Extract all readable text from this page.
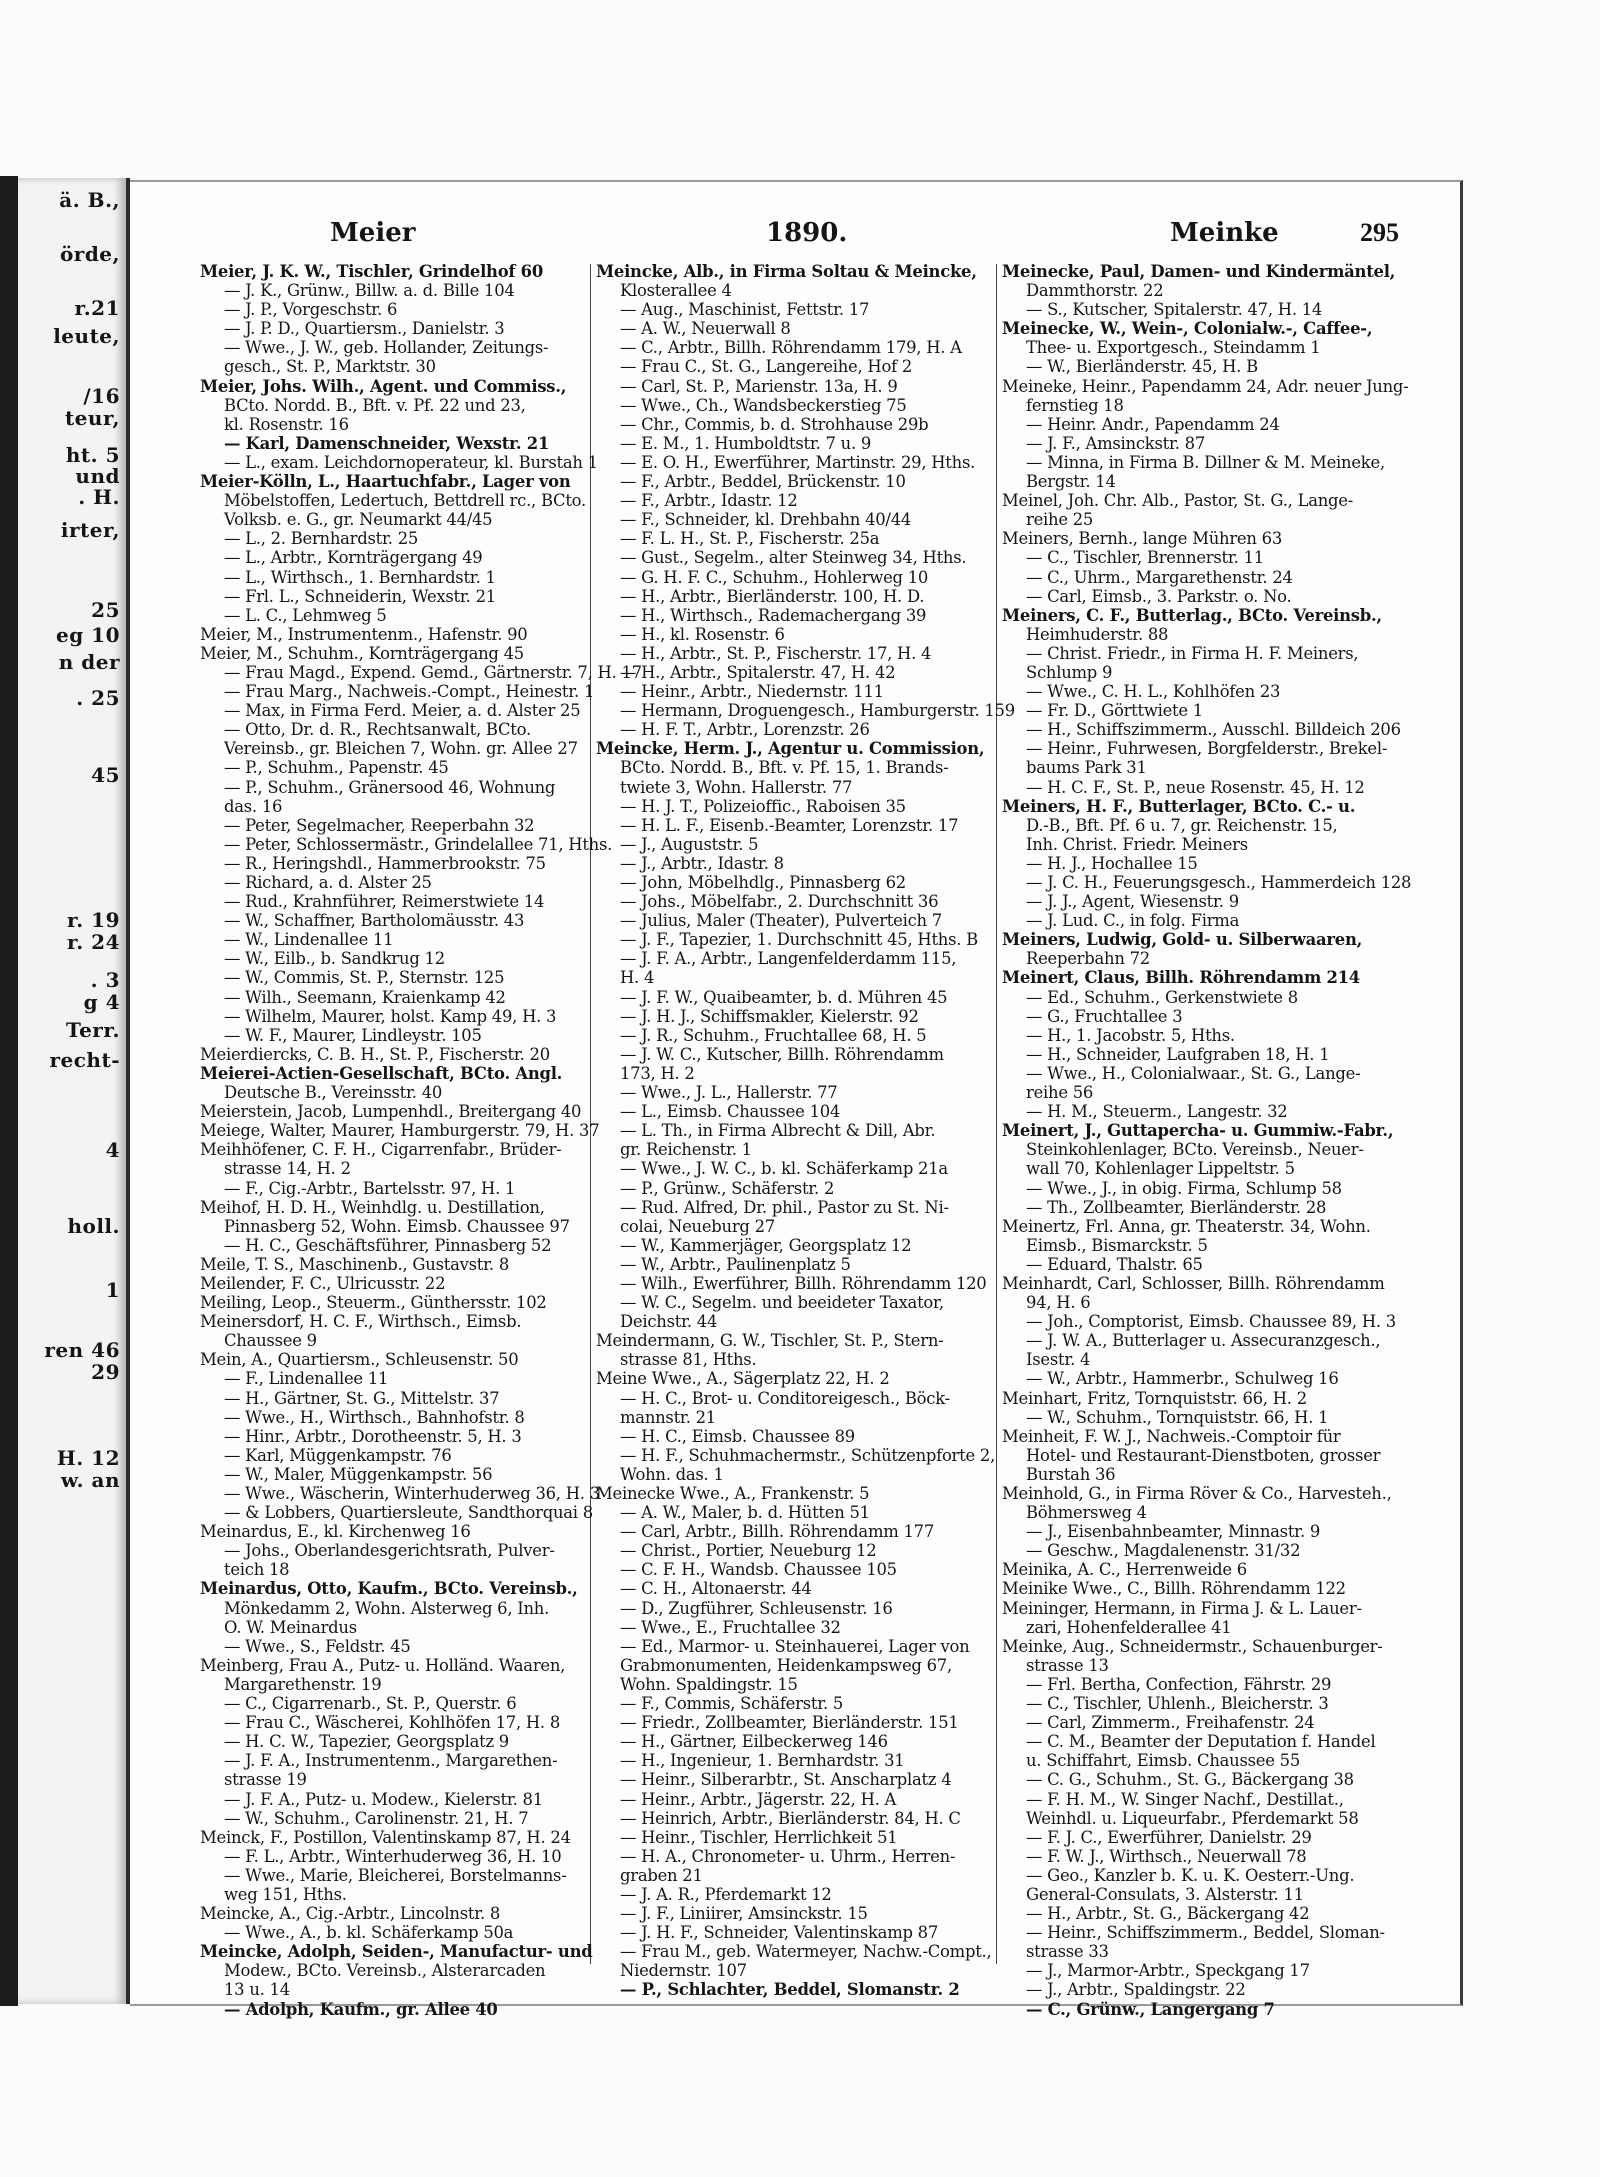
ä. B.,
örde,
r.21
leute,
/16
teur,
ht. 5
und
. H.
irter,
25
eg 10
n der
. 25
45
r. 19
r. 24
. 3
g 4
Terr.
recht-
4
holl.
1
ren 46
29
H. 12
w. an
Meier	1890.	Meinke	295
Meier, J. K. W., Tischler, Grindelhof 60
— J. K., Grünw., Billw. a. d. Bille 104
— J. P., Vorgeschstr. 6
— J. P. D., Quartiersm., Danielstr. 3
— Wwe., J. W., geb. Hollander, Zeitungs-
gesch., St. P., Marktstr. 30
Meier, Johs. Wilh., Agent. und Commiss.,
BCto. Nordd. B., Bft. v. Pf. 22 und 23,
kl. Rosenstr. 16
— Karl, Damenschneider, Wexstr. 21
— L., exam. Leichdornoperateur, kl. Burstah 1
Meier-Kölln, L., Haartuchfabr., Lager von
Möbelstoffen, Ledertuch, Bettdrell rc., BCto.
Volksb. e. G., gr. Neumarkt 44/45
— L., 2. Bernhardstr. 25
— L., Arbtr., Kornträgergang 49
— L., Wirthsch., 1. Bernhardstr. 1
— Frl. L., Schneiderin, Wexstr. 21
— L. C., Lehmweg 5
Meier, M., Instrumentenm., Hafenstr. 90
Meier, M., Schuhm., Kornträgergang 45
— Frau Magd., Expend. Gemd., Gärtnerstr. 7, H. 17
— Frau Marg., Nachweis.-Compt., Heinestr. 1
— Max, in Firma Ferd. Meier, a. d. Alster 25
— Otto, Dr. d. R., Rechtsanwalt, BCto.
Vereinsb., gr. Bleichen 7, Wohn. gr. Allee 27
— P., Schuhm., Papenstr. 45
— P., Schuhm., Gränersood 46, Wohnung
das. 16
— Peter, Segelmacher, Reeperbahn 32
— Peter, Schlossermästr., Grindelallee 71, Hths.
— R., Heringshdl., Hammerbrookstr. 75
— Richard, a. d. Alster 25
— Rud., Krahnführer, Reimerstwiete 14
— W., Schaffner, Bartholomäusstr. 43
— W., Lindenallee 11
— W., Eilb., b. Sandkrug 12
— W., Commis, St. P., Sternstr. 125
— Wilh., Seemann, Kraienkamp 42
— Wilhelm, Maurer, holst. Kamp 49, H. 3
— W. F., Maurer, Lindleystr. 105
Meierdiercks, C. B. H., St. P., Fischerstr. 20
Meierei-Actien-Gesellschaft, BCto. Angl.
Deutsche B., Vereinsstr. 40
Meierstein, Jacob, Lumpenhdl., Breitergang 40
Meiege, Walter, Maurer, Hamburgerstr. 79, H. 37
Meihhöfener, C. F. H., Cigarrenfabr., Brüder-
strasse 14, H. 2
— F., Cig.-Arbtr., Bartelsstr. 97, H. 1
Meihof, H. D. H., Weinhdlg. u. Destillation,
Pinnasberg 52, Wohn. Eimsb. Chaussee 97
— H. C., Geschäftsführer, Pinnasberg 52
Meile, T. S., Maschinenb., Gustavstr. 8
Meilender, F. C., Ulricusstr. 22
Meiling, Leop., Steuerm., Günthersstr. 102
Meinersdorf, H. C. F., Wirthsch., Eimsb.
Chaussee 9
Mein, A., Quartiersm., Schleusenstr. 50
— F., Lindenallee 11
— H., Gärtner, St. G., Mittelstr. 37
— Wwe., H., Wirthsch., Bahnhofstr. 8
— Hinr., Arbtr., Dorotheenstr. 5, H. 3
— Karl, Müggenkampstr. 76
— W., Maler, Müggenkampstr. 56
— Wwe., Wäscherin, Winterhuderweg 36, H. 3
— & Lobbers, Quartiersleute, Sandthorquai 8
Meinardus, E., kl. Kirchenweg 16
— Johs., Oberlandesgerichtsrath, Pulver-
teich 18
Meinardus, Otto, Kaufm., BCto. Vereinsb.,
Mönkedamm 2, Wohn. Alsterweg 6, Inh.
O. W. Meinardus
— Wwe., S., Feldstr. 45
Meinberg, Frau A., Putz- u. Holländ. Waaren,
Margarethenstr. 19
— C., Cigarrenarb., St. P., Querstr. 6
— Frau C., Wäscherei, Kohlhöfen 17, H. 8
— H. C. W., Tapezier, Georgsplatz 9
— J. F. A., Instrumentenm., Margarethen-
strasse 19
— J. F. A., Putz- u. Modew., Kielerstr. 81
— W., Schuhm., Carolinenstr. 21, H. 7
Meinck, F., Postillon, Valentinskamp 87, H. 24
— F. L., Arbtr., Winterhuderweg 36, H. 10
— Wwe., Marie, Bleicherei, Borstelmanns-
weg 151, Hths.
Meincke, A., Cig.-Arbtr., Lincolnstr. 8
— Wwe., A., b. kl. Schäferkamp 50a
Meincke, Adolph, Seiden-, Manufactur- und
Modew., BCto. Vereinsb., Alsterarcaden
13 u. 14
— Adolph, Kaufm., gr. Allee 40
Meincke, Alb., in Firma Soltau & Meincke,
Klosterallee 4
— Aug., Maschinist, Fettstr. 17
— A. W., Neuerwall 8
— C., Arbtr., Billh. Röhrendamm 179, H. A
— Frau C., St. G., Langereihe, Hof 2
— Carl, St. P., Marienstr. 13a, H. 9
— Wwe., Ch., Wandsbeckerstieg 75
— Chr., Commis, b. d. Strohhause 29b
— E. M., 1. Humboldtstr. 7 u. 9
— E. O. H., Ewerführer, Martinstr. 29, Hths.
— F., Arbtr., Beddel, Brückenstr. 10
— F., Arbtr., Idastr. 12
— F., Schneider, kl. Drehbahn 40/44
— F. L. H., St. P., Fischerstr. 25a
— Gust., Segelm., alter Steinweg 34, Hths.
— G. H. F. C., Schuhm., Hohlerweg 10
— H., Arbtr., Bierländerstr. 100, H. D.
— H., Wirthsch., Rademachergang 39
— H., kl. Rosenstr. 6
— H., Arbtr., St. P., Fischerstr. 17, H. 4
— H., Arbtr., Spitalerstr. 47, H. 42
— Heinr., Arbtr., Niedernstr. 111
— Hermann, Droguengesch., Hamburgerstr. 159
— H. F. T., Arbtr., Lorenzstr. 26
Meincke, Herm. J., Agentur u. Commission,
BCto. Nordd. B., Bft. v. Pf. 15, 1. Brands-
twiete 3, Wohn. Hallerstr. 77
— H. J. T., Polizeioffic., Raboisen 35
— H. L. F., Eisenb.-Beamter, Lorenzstr. 17
— J., Auguststr. 5
— J., Arbtr., Idastr. 8
— John, Möbelhdlg., Pinnasberg 62
— Johs., Möbelfabr., 2. Durchschnitt 36
— Julius, Maler (Theater), Pulverteich 7
— J. F., Tapezier, 1. Durchschnitt 45, Hths. B
— J. F. A., Arbtr., Langenfelderdamm 115,
H. 4
— J. F. W., Quaibeamter, b. d. Mühren 45
— J. H. J., Schiffsmakler, Kielerstr. 92
— J. R., Schuhm., Fruchtallee 68, H. 5
— J. W. C., Kutscher, Billh. Röhrendamm
173, H. 2
— Wwe., J. L., Hallerstr. 77
— L., Eimsb. Chaussee 104
— L. Th., in Firma Albrecht & Dill, Abr.
gr. Reichenstr. 1
— Wwe., J. W. C., b. kl. Schäferkamp 21a
— P., Grünw., Schäferstr. 2
— Rud. Alfred, Dr. phil., Pastor zu St. Ni-
colai, Neueburg 27
— W., Kammerjäger, Georgsplatz 12
— W., Arbtr., Paulinenplatz 5
— Wilh., Ewerführer, Billh. Röhrendamm 120
— W. C., Segelm. und beeideter Taxator,
Deichstr. 44
Meindermann, G. W., Tischler, St. P., Stern-
strasse 81, Hths.
Meine Wwe., A., Sägerplatz 22, H. 2
— H. C., Brot- u. Conditoreigesch., Böck-
mannstr. 21
— H. C., Eimsb. Chaussee 89
— H. F., Schuhmachermstr., Schützenpforte 2,
Wohn. das. 1
Meinecke Wwe., A., Frankenstr. 5
— A. W., Maler, b. d. Hütten 51
— Carl, Arbtr., Billh. Röhrendamm 177
— Christ., Portier, Neueburg 12
— C. F. H., Wandsb. Chaussee 105
— C. H., Altonaerstr. 44
— D., Zugführer, Schleusenstr. 16
— Wwe., E., Fruchtallee 32
— Ed., Marmor- u. Steinhauerei, Lager von
Grabmonumenten, Heidenkampsweg 67,
Wohn. Spaldingstr. 15
— F., Commis, Schäferstr. 5
— Friedr., Zollbeamter, Bierländerstr. 151
— H., Gärtner, Eilbeckerweg 146
— H., Ingenieur, 1. Bernhardstr. 31
— Heinr., Silberarbtr., St. Anscharplatz 4
— Heinr., Arbtr., Jägerstr. 22, H. A
— Heinrich, Arbtr., Bierländerstr. 84, H. C
— Heinr., Tischler, Herrlichkeit 51
— H. A., Chronometer- u. Uhrm., Herren-
graben 21
— J. A. R., Pferdemarkt 12
— J. F., Liniirer, Amsinckstr. 15
— J. H. F., Schneider, Valentinskamp 87
— Frau M., geb. Watermeyer, Nachw.-Compt.,
Niedernstr. 107
— P., Schlachter, Beddel, Slomanstr. 2
Meinecke, Paul, Damen- und Kindermäntel,
Dammthorstr. 22
— S., Kutscher, Spitalerstr. 47, H. 14
Meinecke, W., Wein-, Colonialw.-, Caffee-,
Thee- u. Exportgesch., Steindamm 1
— W., Bierländerstr. 45, H. B
Meineke, Heinr., Papendamm 24, Adr. neuer Jung-
fernstieg 18
— Heinr. Andr., Papendamm 24
— J. F., Amsinckstr. 87
— Minna, in Firma B. Dillner & M. Meineke,
Bergstr. 14
Meinel, Joh. Chr. Alb., Pastor, St. G., Lange-
reihe 25
Meiners, Bernh., lange Mühren 63
— C., Tischler, Brennerstr. 11
— C., Uhrm., Margarethenstr. 24
— Carl, Eimsb., 3. Parkstr. o. No.
Meiners, C. F., Butterlag., BCto. Vereinsb.,
Heimhuderstr. 88
— Christ. Friedr., in Firma H. F. Meiners,
Schlump 9
— Wwe., C. H. L., Kohlhöfen 23
— Fr. D., Görttwiete 1
— H., Schiffszimmerm., Ausschl. Billdeich 206
— Heinr., Fuhrwesen, Borgfelderstr., Brekel-
baums Park 31
— H. C. F., St. P., neue Rosenstr. 45, H. 12
Meiners, H. F., Butterlager, BCto. C.- u.
D.-B., Bft. Pf. 6 u. 7, gr. Reichenstr. 15,
Inh. Christ. Friedr. Meiners
— H. J., Hochallee 15
— J. C. H., Feuerungsgesch., Hammerdeich 128
— J. J., Agent, Wiesenstr. 9
— J. Lud. C., in folg. Firma
Meiners, Ludwig, Gold- u. Silberwaaren,
Reeperbahn 72
Meinert, Claus, Billh. Röhrendamm 214
— Ed., Schuhm., Gerkenstwiete 8
— G., Fruchtallee 3
— H., 1. Jacobstr. 5, Hths.
— H., Schneider, Laufgraben 18, H. 1
— Wwe., H., Colonialwaar., St. G., Lange-
reihe 56
— H. M., Steuerm., Langestr. 32
Meinert, J., Guttapercha- u. Gummiw.-Fabr.,
Steinkohlenlager, BCto. Vereinsb., Neuer-
wall 70, Kohlenlager Lippeltstr. 5
— Wwe., J., in obig. Firma, Schlump 58
— Th., Zollbeamter, Bierländerstr. 28
Meinertz, Frl. Anna, gr. Theaterstr. 34, Wohn.
Eimsb., Bismarckstr. 5
— Eduard, Thalstr. 65
Meinhardt, Carl, Schlosser, Billh. Röhrendamm
94, H. 6
— Joh., Comptorist, Eimsb. Chaussee 89, H. 3
— J. W. A., Butterlager u. Assecuranzgesch.,
Isestr. 4
— W., Arbtr., Hammerbr., Schulweg 16
Meinhart, Fritz, Tornquiststr. 66, H. 2
— W., Schuhm., Tornquiststr. 66, H. 1
Meinheit, F. W. J., Nachweis.-Comptoir für
Hotel- und Restaurant-Dienstboten, grosser
Burstah 36
Meinhold, G., in Firma Röver & Co., Harvesteh.,
Böhmersweg 4
— J., Eisenbahnbeamter, Minnastr. 9
— Geschw., Magdalenenstr. 31/32
Meinika, A. C., Herrenweide 6
Meinike Wwe., C., Billh. Röhrendamm 122
Meininger, Hermann, in Firma J. & L. Lauer-
zari, Hohenfelderallee 41
Meinke, Aug., Schneidermstr., Schauenburger-
strasse 13
— Frl. Bertha, Confection, Fährstr. 29
— C., Tischler, Uhlenh., Bleicherstr. 3
— Carl, Zimmerm., Freihafenstr. 24
— C. M., Beamter der Deputation f. Handel
u. Schiffahrt, Eimsb. Chaussee 55
— C. G., Schuhm., St. G., Bäckergang 38
— F. H. M., W. Singer Nachf., Destillat.,
Weinhdl. u. Liqueurfabr., Pferdemarkt 58
— F. J. C., Ewerführer, Danielstr. 29
— F. W. J., Wirthsch., Neuerwall 78
— Geo., Kanzler b. K. u. K. Oesterr.-Ung.
General-Consulats, 3. Alsterstr. 11
— H., Arbtr., St. G., Bäckergang 42
— Heinr., Schiffszimmerm., Beddel, Sloman-
strasse 33
— J., Marmor-Arbtr., Speckgang 17
— J., Arbtr., Spaldingstr. 22
— C., Grünw., Langergang 7
